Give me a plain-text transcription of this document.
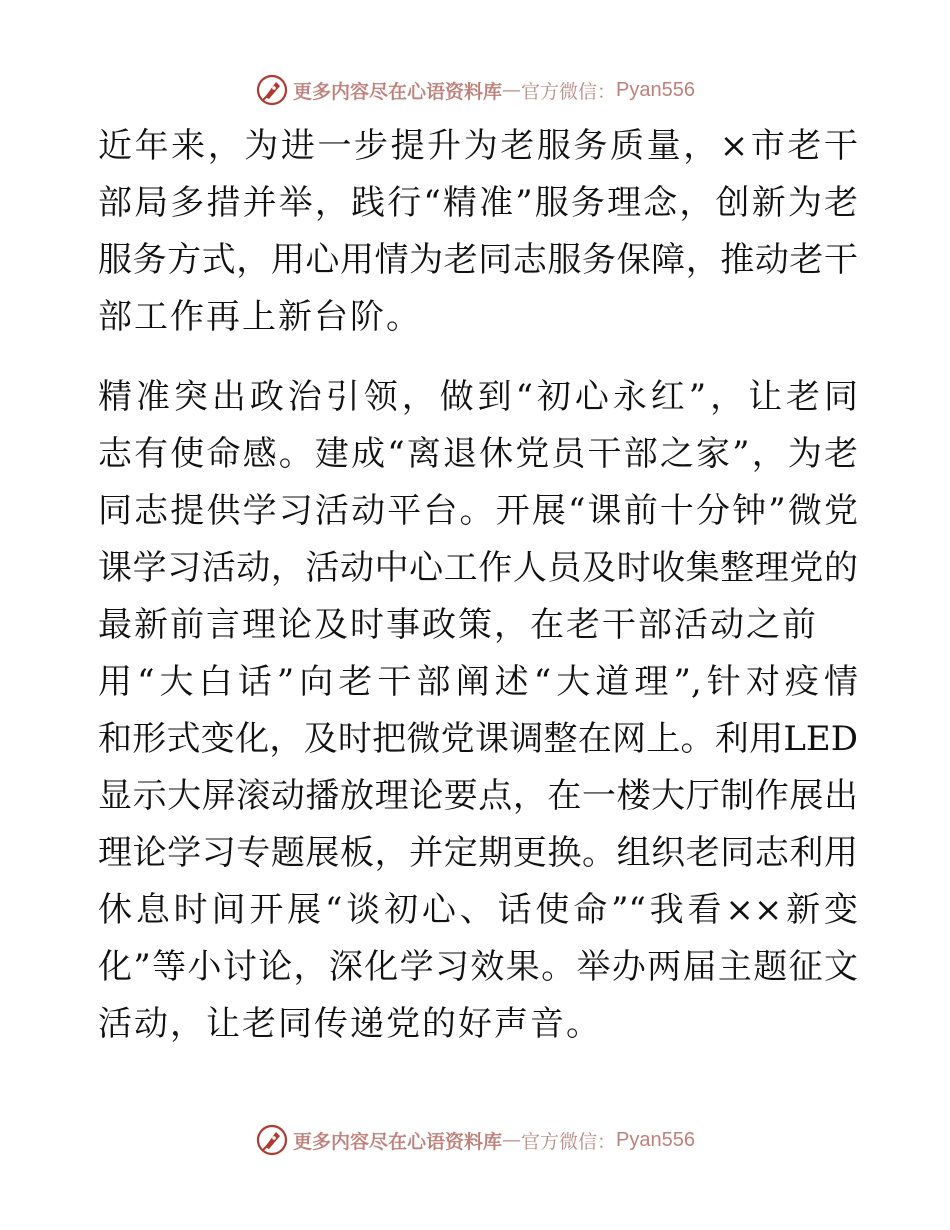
更多内容尽在心语资料库 — 官方微信： Pyan556
近年来，为进一步提升为老服务质量，×市老干
部局多措并举，践行“精准”服务理念，创新为老
服务方式，用心用情为老同志服务保障，推动老干
部工作再上新台阶。
精准突出政治引领，做到“初心永红”，让老同
志有使命感。建成“离退休党员干部之家”，为老
同志提供学习活动平台。开展“课前十分钟”微党
课学习活动，活动中心工作人员及时收集整理党的
最新前言理论及时事政策，在老干部活动之前
用“大白话”向老干部阐述“大道理”,针对疫情
和形式变化，及时把微党课调整在网上。利用LED
显示大屏滚动播放理论要点，在一楼大厅制作展出
理论学习专题展板，并定期更换。组织老同志利用
休息时间开展“谈初心、话使命”“我看××新变
化”等小讨论，深化学习效果。举办两届主题征文
活动，让老同传递党的好声音。
更多内容尽在心语资料库 — 官方微信： Pyan556
